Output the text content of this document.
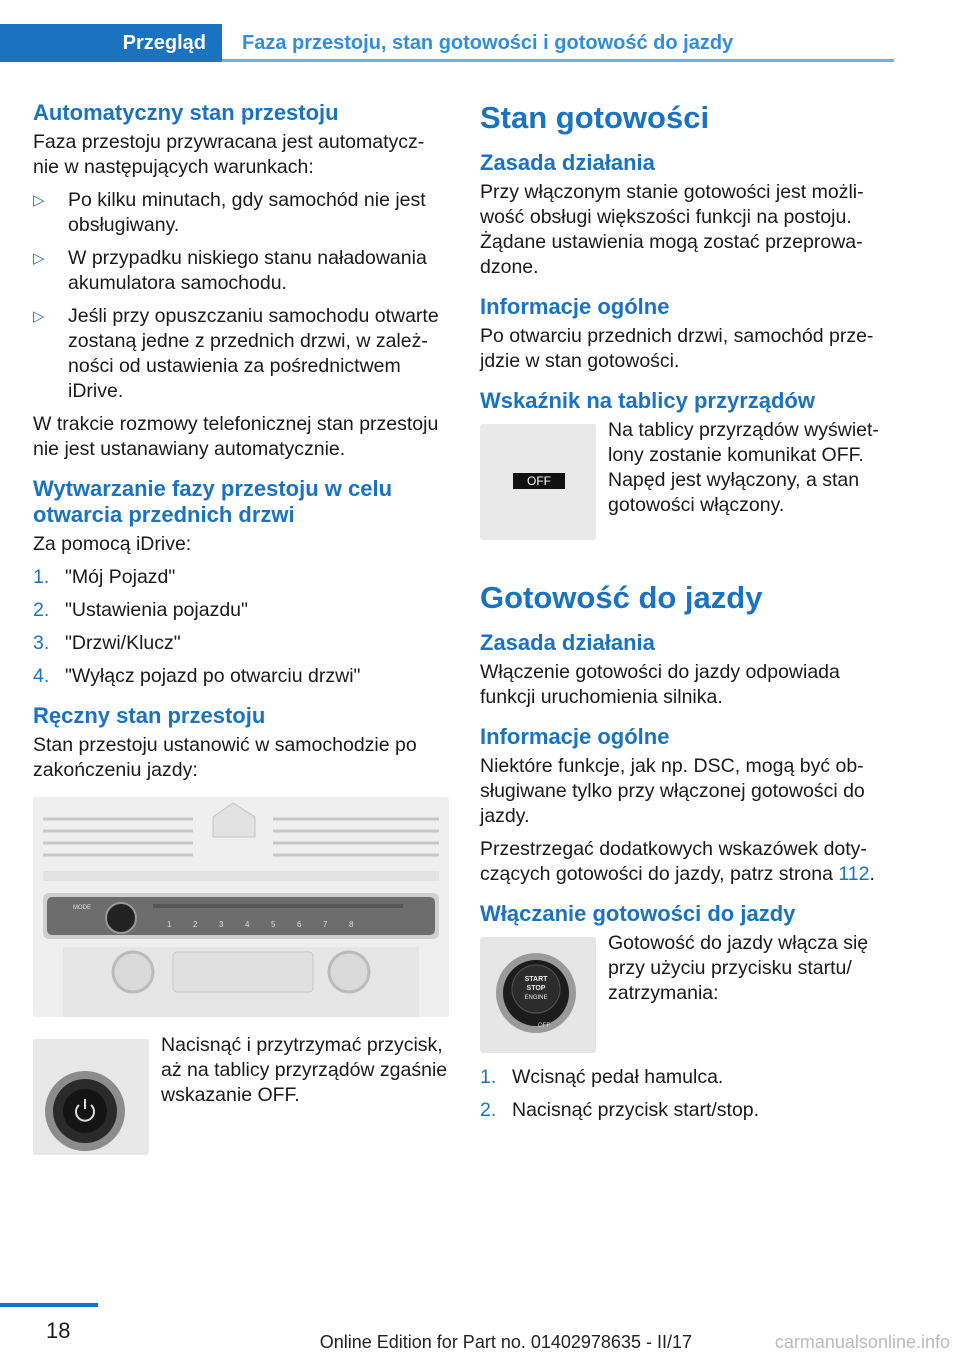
Przegląd	Faza przestoju, stan gotowości i gotowość do jazdy
Automatyczny stan przestoju

Faza przestoju przywracana jest automatycz-nie w następujących warunkach:

▷ Po kilku minutach, gdy samochód nie jest obsługiwany.
▷ W przypadku niskiego stanu naładowania akumulatora samochodu.
▷ Jeśli przy opuszczaniu samochodu otwarte zostaną jedne z przednich drzwi, w zależ-ności od ustawienia za pośrednictwem iDrive.

W trakcie rozmowy telefonicznej stan przestoju nie jest ustanawiany automatycznie.

Wytwarzanie fazy przestoju w celu otwarcia przednich drzwi

Za pomocą iDrive:

1. "Mój Pojazd"
2. "Ustawienia pojazdu"
3. "Drzwi/Klucz"
4. "Wyłącz pojazd po otwarciu drzwi"
Ręczny stan przestoju

Stan przestoju ustanowić w samochodzie po zakończeniu jazdy:

MODE
1	2	3	4	5	6	7	8

Nacisnąć i przytrzymać przycisk, aż na tablicy przyrządów zgaśnie wskazanie OFF.

Stan gotowości
Zasada działania

Przy włączonym stanie gotowości jest możli-wość obsługi większości funkcji na postoju. Żądane ustawienia mogą zostać przeprowa-dzone.

Informacje ogólne

Po otwarciu przednich drzwi, samochód prze-jdzie w stan gotowości.

Wskaźnik na tablicy przyrządów
OFF

Na tablicy przyrządów wyświet-lony zostanie komunikat OFF. Napęd jest wyłączony, a stan gotowości włączony.

Gotowość do jazdy
Zasada działania

Włączenie gotowości do jazdy odpowiada funkcji uruchomienia silnika.

Informacje ogólne

Niektóre funkcje, jak np. DSC, mogą być ob-sługiwane tylko przy włączonej gotowości do jazdy.

Przestrzegać dodatkowych wskazówek doty-czących gotowości do jazdy, patrz strona 112.

Włączanie gotowości do jazdy
START
STOP
ENGINE
OFF

Gotowość do jazdy włącza się przy użyciu przycisku startu/ zatrzymania:

1. Wcisnąć pedał hamulca.
2. Nacisnąć przycisk start/stop.
18	Online Edition for Part no. 01402978635 - II/17	carmanualsonline.info
